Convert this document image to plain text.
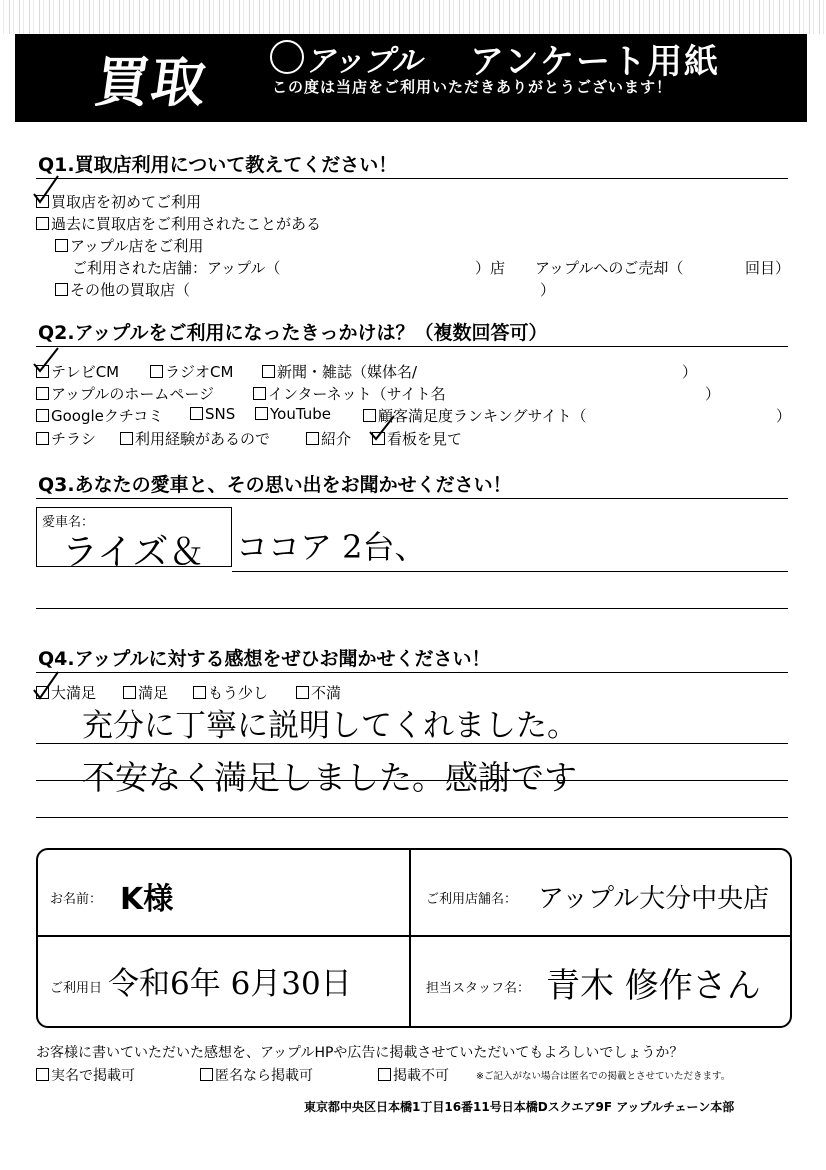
買取	アップル アンケート用紙
この度は当店をご利用いただきありがとうございます！
Q1.買取店利用について教えてください！
買取店を初めてご利用
過去に買取店をご利用されたことがある
アップル店をご利用
ご利用された店舗：アップル（	）店 アップルへのご売却（	回目）
その他の買取店（	）
Q2.アップルをご利用になったきっかけは？（複数回答可）
テレビCM	ラジオCM	新聞・雑誌（媒体名/	）
アップルのホームページ	インターネット（サイト名	）
Googleクチコミ	SNS	YouTube	顧客満足度ランキングサイト（	）
チラシ	利用経験があるので	紹介	看板を見て
Q3.あなたの愛車と、その思い出をお聞かせください！
愛車名：
ライズ＆ ココア 2台、
Q4.アップルに対する感想をぜひお聞かせください！
大満足	満足	もう少し	不満
充分に丁寧に説明してくれました。
不安なく満足しました。感謝です
お名前： K様	ご利用店舗名： アップル大分中央店
ご利用日 令和6年 6月30日	担当スタッフ名： 青木 修作さん
お客様に書いていただいた感想を、アップルHPや広告に掲載させていただいてもよろしいでしょうか？
実名で掲載可	匿名なら掲載可	掲載不可	※ご記入がない場合は匿名での掲載とさせていただきます。
東京都中央区日本橋1丁目16番11号日本橋Dスクエア9F アップルチェーン本部
